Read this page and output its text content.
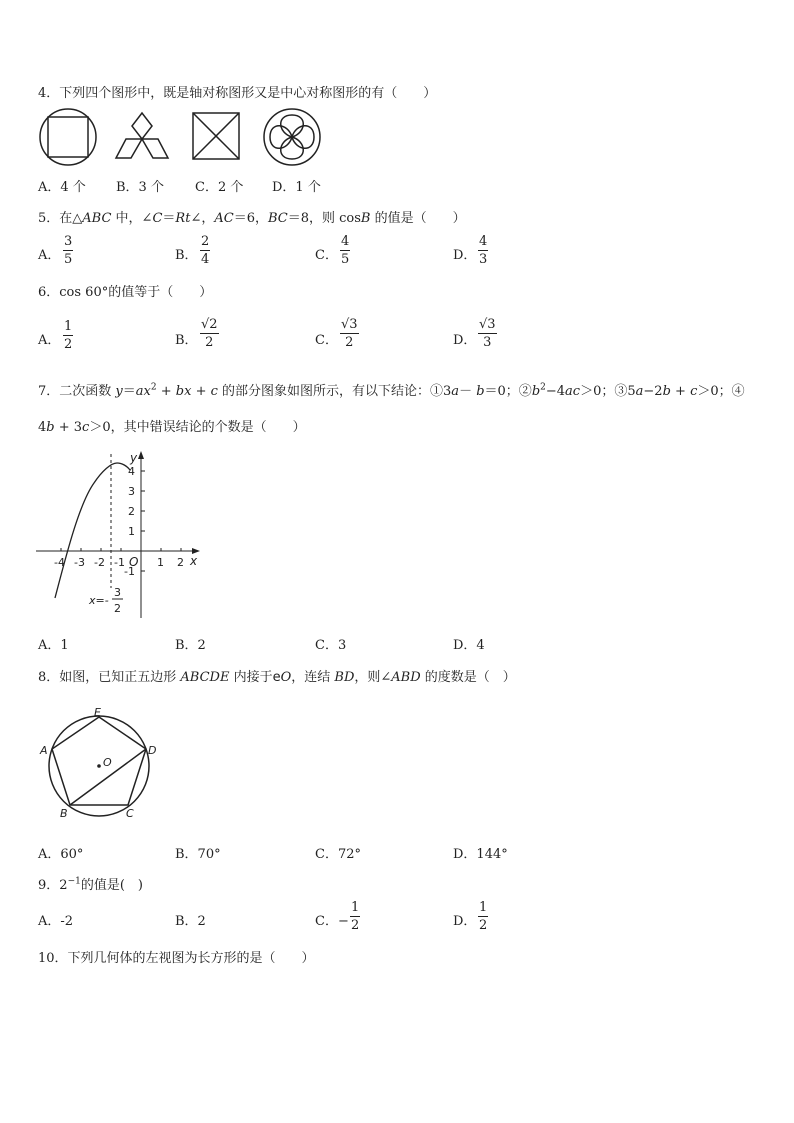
4．下列四个图形中，既是轴对称图形又是中心对称图形的有（　　）
A．4 个 B．3 个 C．2 个 D．1 个
5．在△ABC 中，∠C＝Rt∠，AC＝6，BC＝8，则 cosB 的值是（　　）
A． $\frac{3}{5}$	B． $\frac{2}{4}$	C． $\frac{4}{5}$	D． $\frac{4}{3}$
6．cos 60°的值等于（　　）
A． $\frac{1}{2}$	B． $\frac{√2}{2}$	C． $\frac{√3}{2}$	D． $\frac{√3}{3}$
7．二次函数 $y=ax^2$ + bx + c 的部分图象如图所示，有以下结论：①3a－ b＝0；$②b^2-4ac>0$；③5a−2b + c＞0；④
4b + 3c＞0，其中错误结论的个数是（　　）
y
x
O
-4 -3 -2 -1	1 2
4
3
2
1
-1
x=-
3
2
A．1	B．2	C．3	D．4
8．如图，已知正五边形 ABCDE 内接于eO，连结 BD，则∠ABD 的度数是（　）
E
A	D
B	C
O
A．60°	B．70°	C．72°	D．144°
9．$2^{-1}$的值是(　)
A．-2	B．2	C．− $\frac{1}{2}$	D． $\frac{1}{2}$
10．下列几何体的左视图为长方形的是（　　）
